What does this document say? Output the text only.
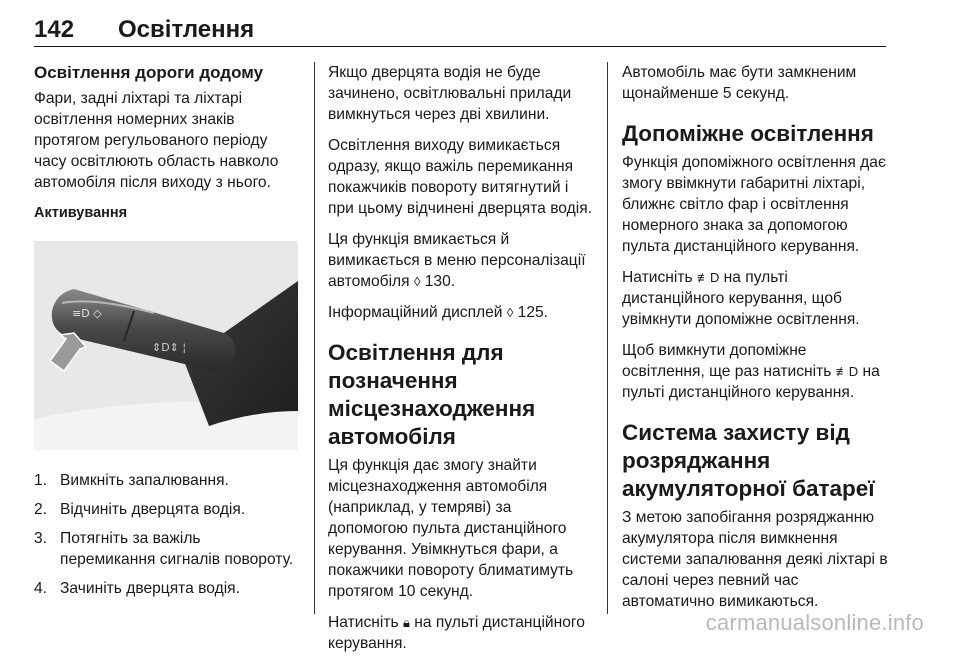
142 Освітлення
Освітлення дороги додому

Фари, задні ліхтарі та ліхтарі освітлення номерних знаків протягом регульованого періоду часу освітлюють область навколо автомобіля після виходу з нього.

Активування
≡D ◇
⇕D⇕ ¦
1. Вимкніть запалювання.
2. Відчиніть дверцята водія.
3. Потягніть за важіль перемикання сигналів повороту.
4. Зачиніть дверцята водія.

Якщо дверцята водія не буде зачинено, освітлювальні прилади вимкнуться через дві хвилини.

Освітлення виходу вимикається одразу, якщо важіль перемикання покажчиків повороту витягнутий і при цьому відчинені дверцята водія.

Ця функція вмикається й вимикається в меню персоналізації автомобіля ◊ 130.

Інформаційний дисплей ◊ 125.

Освітлення для позначення місцезнаходження автомобіля

Ця функція дає змогу знайти місцезнаходження автомобіля (наприклад, у темряві) за допомогою пульта дистанційного керування. Увімкнуться фари, а покажчики повороту блиматимуть протягом 10 секунд.

Натисніть 🔒︎ на пульті дистанційного керування.

Автомобіль має бути замкненим щонайменше 5 секунд.

Допоміжне освітлення

Функція допоміжного освітлення дає змогу ввімкнути габаритні ліхтарі, ближнє світло фар і освітлення номерного знака за допомогою пульта дистанційного керування.

Натисніть ≢D на пульті дистанційного керування, щоб увімкнути допоміжне освітлення.

Щоб вимкнути допоміжне освітлення, ще раз натисніть ≢D на пульті дистанційного керування.

Система захисту від розряджання акумуляторної батареї

З метою запобігання розряджанню акумулятора після вимкнення системи запалювання деякі ліхтарі в салоні через певний час автоматично вимикаються.

carmanualsonline.info
